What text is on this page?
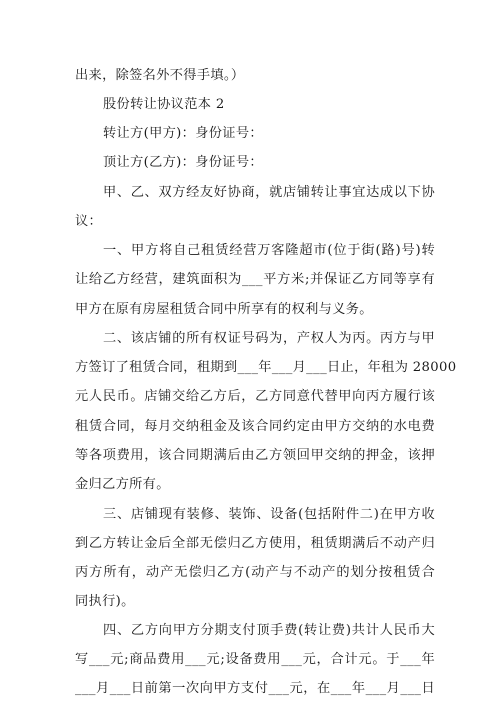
出来，除签名外不得手填。）
股份转让协议范本 2
转让方(甲方)：身份证号：
顶让方(乙方)：身份证号：
甲、乙、双方经友好协商，就店铺转让事宜达成以下协
议：
一、甲方将自己租赁经营万客隆超市(位于街(路)号)转
让给乙方经营，建筑面积为___平方米;并保证乙方同等享有
甲方在原有房屋租赁合同中所享有的权利与义务。
二、该店铺的所有权证号码为，产权人为丙。丙方与甲
方签订了租赁合同，租期到___年___月___日止，年租为 28000
元人民币。店铺交给乙方后，乙方同意代替甲向丙方履行该
租赁合同，每月交纳租金及该合同约定由甲方交纳的水电费
等各项费用，该合同期满后由乙方领回甲交纳的押金，该押
金归乙方所有。
三、店铺现有装修、装饰、设备(包括附件二)在甲方收
到乙方转让金后全部无偿归乙方使用，租赁期满后不动产归
丙方所有，动产无偿归乙方(动产与不动产的划分按租赁合
同执行)。
四、乙方向甲方分期支付顶手费(转让费)共计人民币大
写___元;商品费用___元;设备费用___元，合计元。于___年
___月___日前第一次向甲方支付___元，在___年___月___日
